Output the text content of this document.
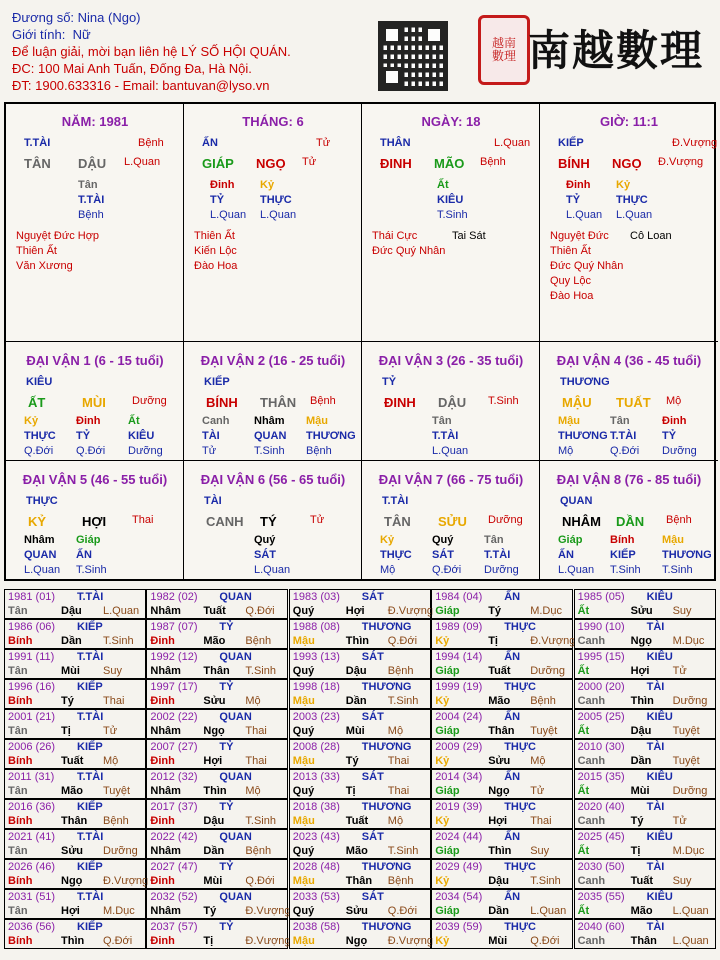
Đương số: Nina (Ngo)
Giới tính: Nữ
Để luận giải, mời bạn liên hệ LÝ SỐ HỘI QUÁN.
ĐC: 100 Mai Anh Tuấn, Đống Đa, Hà Nội.
ĐT: 1900.633316 - Email: bantuvan@lyso.vn
越南
數理 南越數理
NĂM: 1981
T.TÀI	Bệnh
TÂN DẬU L.Quan
Tân
T.TÀI
Bệnh
Nguyệt Đức Hợp
Thiên Ất
Văn Xương
THÁNG: 6
ẤN	Tử
GIÁP NGỌ Tử
Đinh Kỷ
TỶ	THỰC
L.Quan L.Quan
Thiên Ất
Kiến Lộc
Đào Hoa
NGÀY: 18
THÂN	L.Quan
ĐINH MÃO Bệnh
Ất
KIÊU
T.Sinh
Thái Cực
Đức Quý Nhân
Tai Sát
GIỜ: 11:1
KIẾP	Đ.Vượng
BÍNH NGỌ Đ.Vượng
Đinh Kỷ
TỶ	THỰC
L.Quan L.Quan
Nguyệt Đức
Thiên Ất
Đức Quý Nhân
Quy Lộc
Đào Hoa
Cô Loan
ĐẠI VẬN 1 (6 - 15 tuổi)
KIÊU
ẤT	MÙI Dưỡng
Kỷ	Đinh	Ất
THỰC TỶ	KIÊU
Q.Đới Q.Đới Dưỡng
ĐẠI VẬN 2 (16 - 25 tuổi)
KIẾP
BÍNH THÂN Bệnh
Canh Nhâm Mậu
TÀI	QUAN THƯƠNG
Tử	T.Sinh Bệnh
ĐẠI VẬN 3 (26 - 35 tuổi)
TỶ
ĐINH DẬU T.Sinh
Tân
T.TÀI
L.Quan
ĐẠI VẬN 4 (36 - 45 tuổi)
THƯƠNG
MẬU TUẤT Mộ
Mậu	Tân	Đinh
THƯƠNG T.TÀI TỶ
Mộ	Q.Đới Dưỡng
ĐẠI VẬN 5 (46 - 55 tuổi)
THỰC
KỶ	HỢI Thai
Nhâm Giáp
QUAN ẤN
L.Quan T.Sinh
ĐẠI VẬN 6 (56 - 65 tuổi)
TÀI
CANH TÝ	Tử
Quý
SÁT
L.Quan
ĐẠI VẬN 7 (66 - 75 tuổi)
T.TÀI
TÂN SỬU Dưỡng
Kỷ	Quý	Tân
THỰC SÁT	T.TÀI
Mộ	Q.Đới Dưỡng
ĐẠI VẬN 8 (76 - 85 tuổi)
QUAN
NHÂM DẦN Bệnh
Giáp	Bính	Mậu
ẤN	KIẾP THƯƠNG
L.Quan T.Sinh T.Sinh
1981 (01) T.TÀI
Tân	Dậu L.Quan
1982 (02) QUAN
Nhâm Tuất Q.Đới
1983 (03) SÁT
Quý	Hợi Đ.Vượng
1984 (04) ẤN
Giáp	Tý	M.Dục
1985 (05) KIÊU
Ất	Sửu Suy
1986 (06) KIẾP
Bính	Dần T.Sinh
1987 (07) TỶ
Đinh	Mão Bệnh
1988 (08) THƯƠNG
Mậu	Thìn Q.Đới
1989 (09) THỰC
Kỷ	Tị	Đ.Vượng
1990 (10) TÀI
Canh Ngọ M.Dục
1991 (11) T.TÀI
Tân	Mùi Suy
1992 (12) QUAN
Nhâm Thân T.Sinh
1993 (13) SÁT
Quý	Dậu Bệnh
1994 (14) ẤN
Giáp	Tuất Dưỡng
1995 (15) KIÊU
Ất	Hợi Tử
1996 (16) KIẾP
Bính	Tý	Thai
1997 (17) TỶ
Đinh	Sửu Mộ
1998 (18) THƯƠNG
Mậu	Dần T.Sinh
1999 (19) THỰC
Kỷ	Mão Bệnh
2000 (20) TÀI
Canh Thìn Dưỡng
2001 (21) T.TÀI
Tân	Tị	Tử
2002 (22) QUAN
Nhâm Ngọ Thai
2003 (23) SÁT
Quý	Mùi Mộ
2004 (24) ẤN
Giáp	Thân Tuyệt
2005 (25) KIÊU
Ất	Dậu Tuyệt
2006 (26) KIẾP
Bính	Tuất Mộ
2007 (27) TỶ
Đinh	Hợi Thai
2008 (28) THƯƠNG
Mậu	Tý	Thai
2009 (29) THỰC
Kỷ	Sửu Mộ
2010 (30) TÀI
Canh Dần Tuyệt
2011 (31) T.TÀI
Tân	Mão Tuyệt
2012 (32) QUAN
Nhâm Thìn Mộ
2013 (33) SÁT
Quý	Tị	Thai
2014 (34) ẤN
Giáp	Ngọ Tử
2015 (35) KIÊU
Ất	Mùi Dưỡng
2016 (36) KIẾP
Bính	Thân Bệnh
2017 (37) TỶ
Đinh	Dậu T.Sinh
2018 (38) THƯƠNG
Mậu	Tuất Mộ
2019 (39) THỰC
Kỷ	Hợi Thai
2020 (40) TÀI
Canh Tý	Tử
2021 (41) T.TÀI
Tân	Sửu Dưỡng
2022 (42) QUAN
Nhâm Dần Bệnh
2023 (43) SÁT
Quý	Mão T.Sinh
2024 (44) ẤN
Giáp	Thìn Suy
2025 (45) KIÊU
Ất	Tị	M.Dục
2026 (46) KIẾP
Bính	Ngọ Đ.Vượng
2027 (47) TỶ
Đinh	Mùi Q.Đới
2028 (48) THƯƠNG
Mậu	Thân Bệnh
2029 (49) THỰC
Kỷ	Dậu T.Sinh
2030 (50) TÀI
Canh Tuất Suy
2031 (51) T.TÀI
Tân	Hợi M.Dục
2032 (52) QUAN
Nhâm Tý	Đ.Vượng
2033 (53) SÁT
Quý	Sửu Q.Đới
2034 (54) ẤN
Giáp	Dần L.Quan
2035 (55) KIÊU
Ất	Mão L.Quan
2036 (56) KIẾP
Bính	Thìn Q.Đới
2037 (57) TỶ
Đinh	Tị	Đ.Vượng
2038 (58) THƯƠNG
Mậu	Ngọ Đ.Vượng
2039 (59) THỰC
Kỷ	Mùi Q.Đới
2040 (60) TÀI
Canh Thân L.Quan
